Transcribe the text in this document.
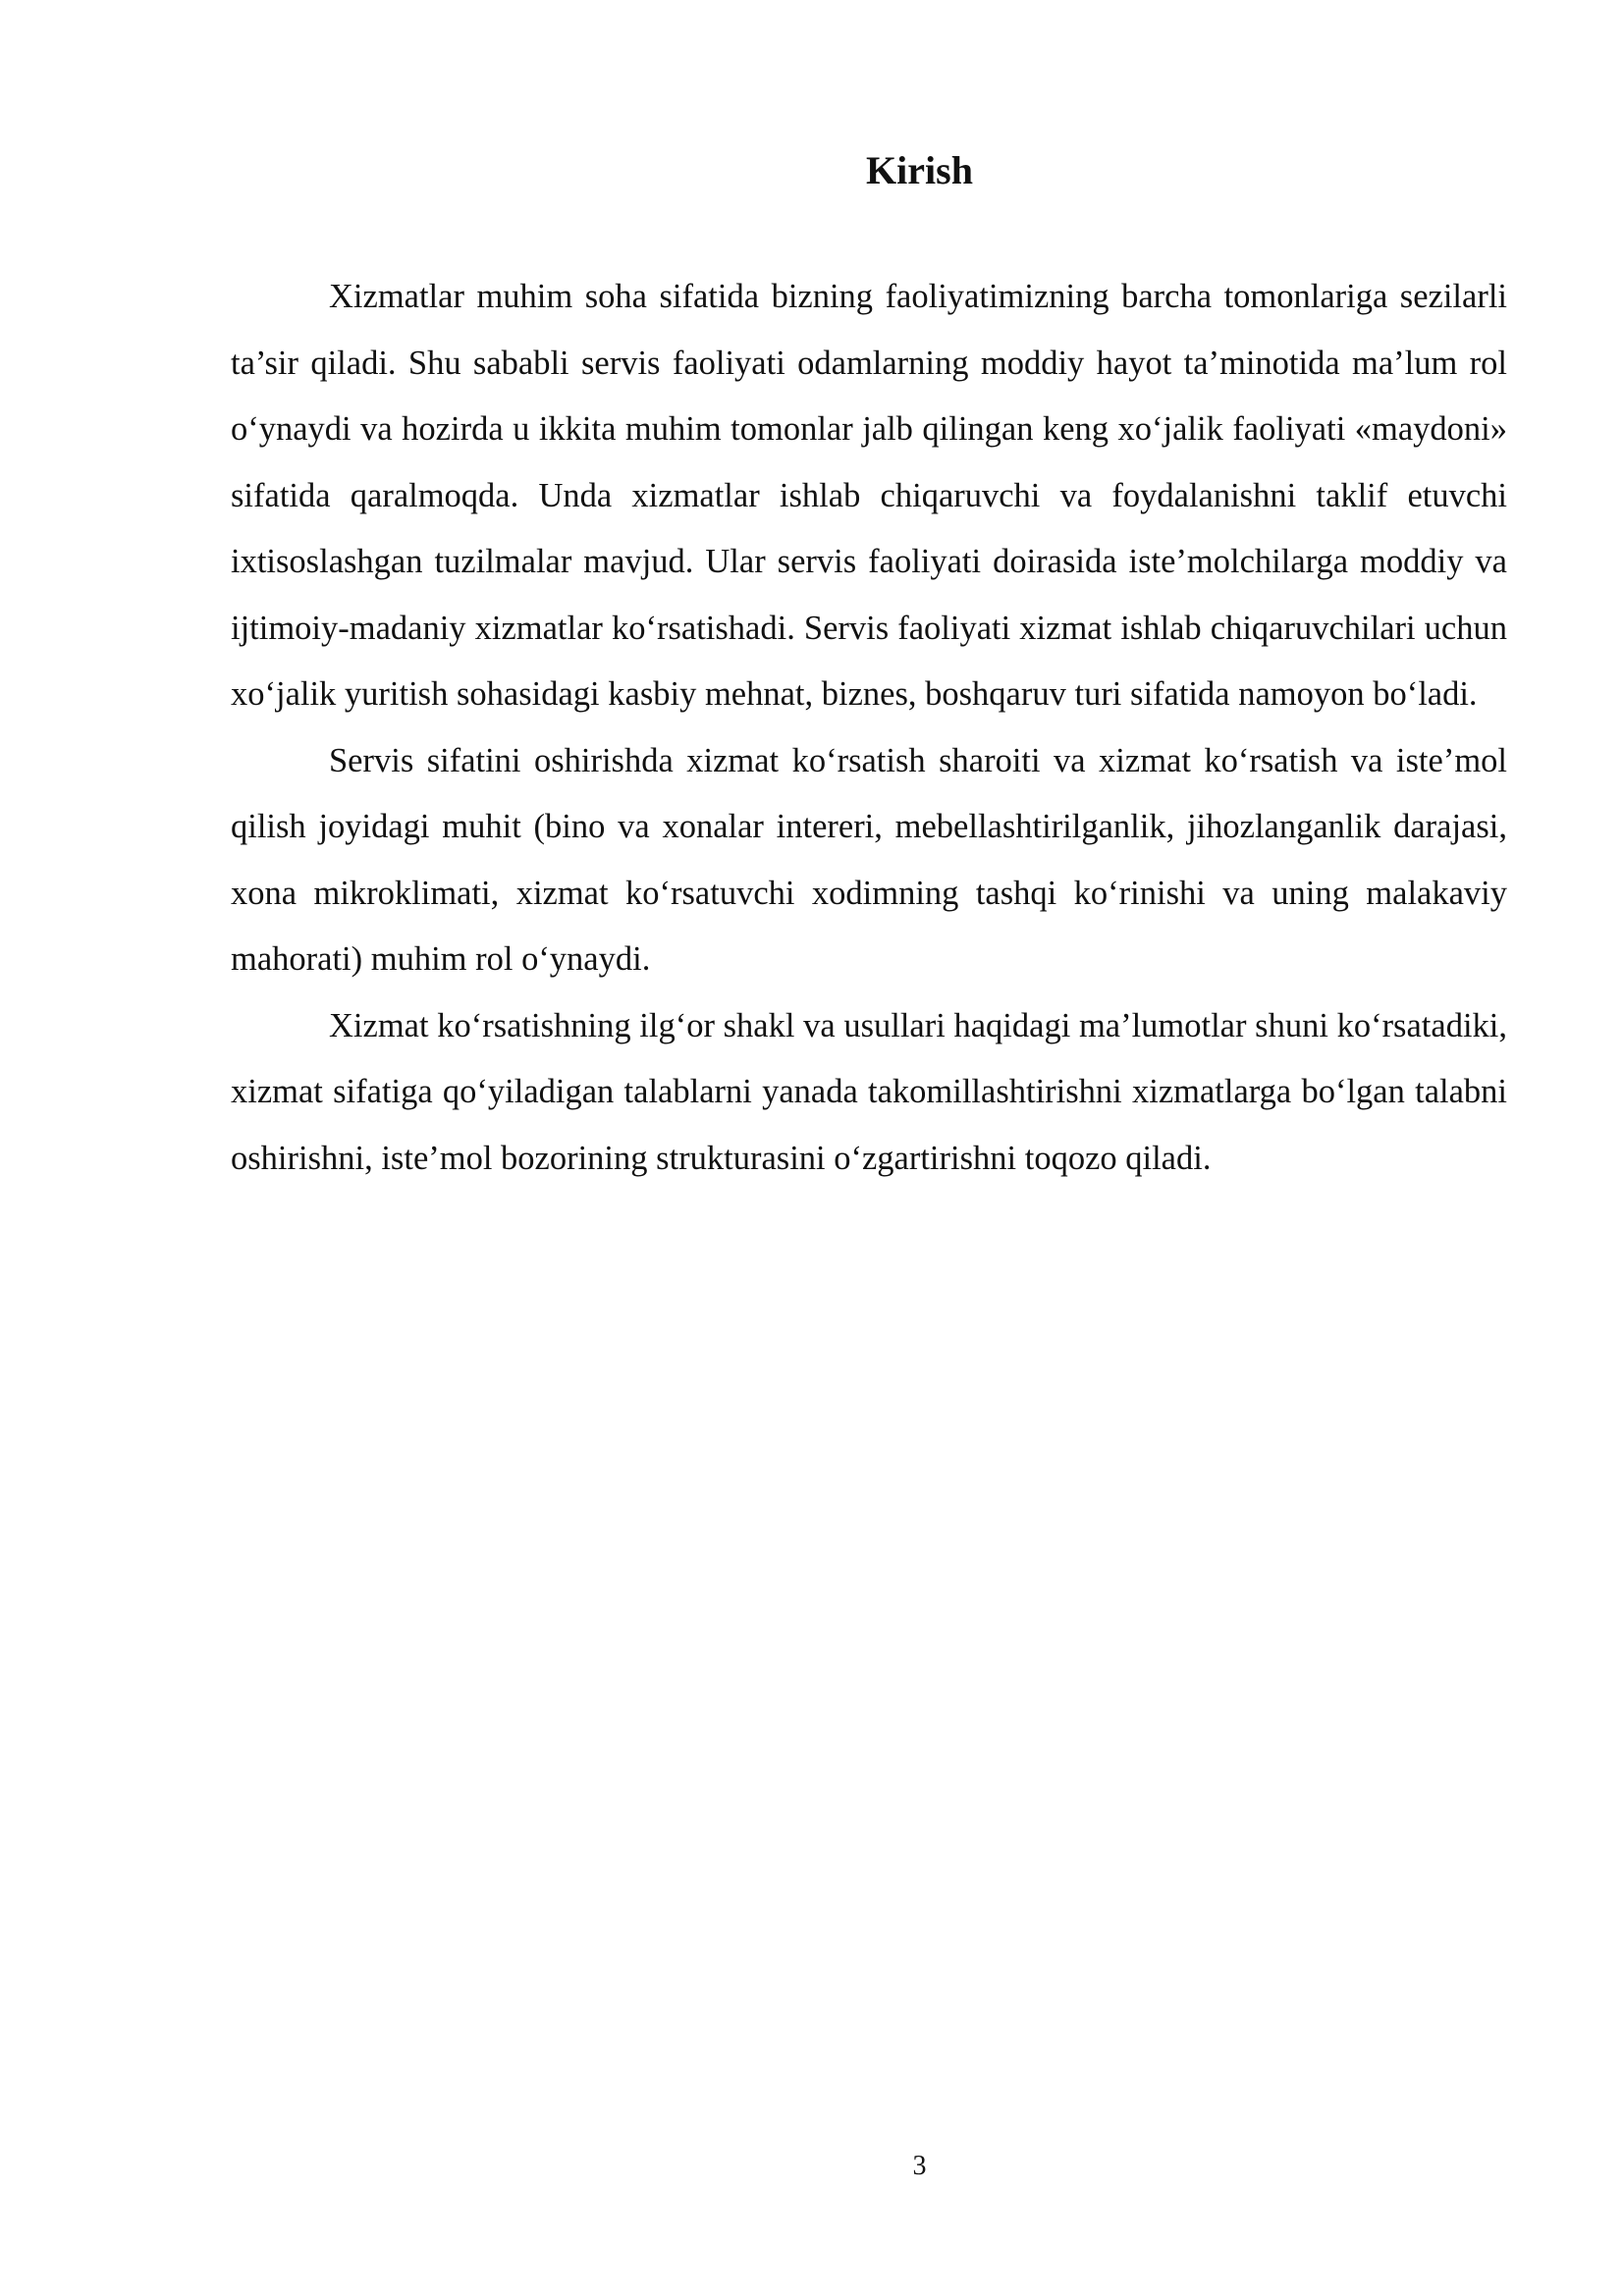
Kirish

Xizmatlar muhim soha sifatida bizning faoliyatimizning barcha tomonlariga sezilarli ta’sir qiladi. Shu sababli servis faoliyati odamlarning moddiy hayot ta’minotida ma’lum rol o‘ynaydi va hozirda u ikkita muhim tomonlar jalb qilingan keng xo‘jalik faoliyati «maydoni» sifatida qaralmoqda. Unda xizmatlar ishlab chiqaruvchi va foydalanishni taklif etuvchi ixtisoslashgan tuzilmalar mavjud. Ular servis faoliyati doirasida iste’molchilarga moddiy va ijtimoiy-madaniy xizmatlar ko‘rsatishadi. Servis faoliyati xizmat ishlab chiqaruvchilari uchun xo‘jalik yuritish sohasidagi kasbiy mehnat, biznes, boshqaruv turi sifatida namoyon bo‘ladi.

Servis sifatini oshirishda xizmat ko‘rsatish sharoiti va xizmat ko‘rsatish va iste’mol qilish joyidagi muhit (bino va xonalar intereri, mebellashtirilganlik, jihozlanganlik darajasi, xona mikroklimati, xizmat ko‘rsatuvchi xodimning tashqi ko‘rinishi va uning malakaviy mahorati) muhim rol o‘ynaydi.

Xizmat ko‘rsatishning ilg‘or shakl va usullari haqidagi ma’lumotlar shuni ko‘rsatadiki, xizmat sifatiga qo‘yiladigan talablarni yanada takomillashtirishni xizmatlarga bo‘lgan talabni oshirishni, iste’mol bozorining strukturasini o‘zgartirishni toqozo qiladi.

3
